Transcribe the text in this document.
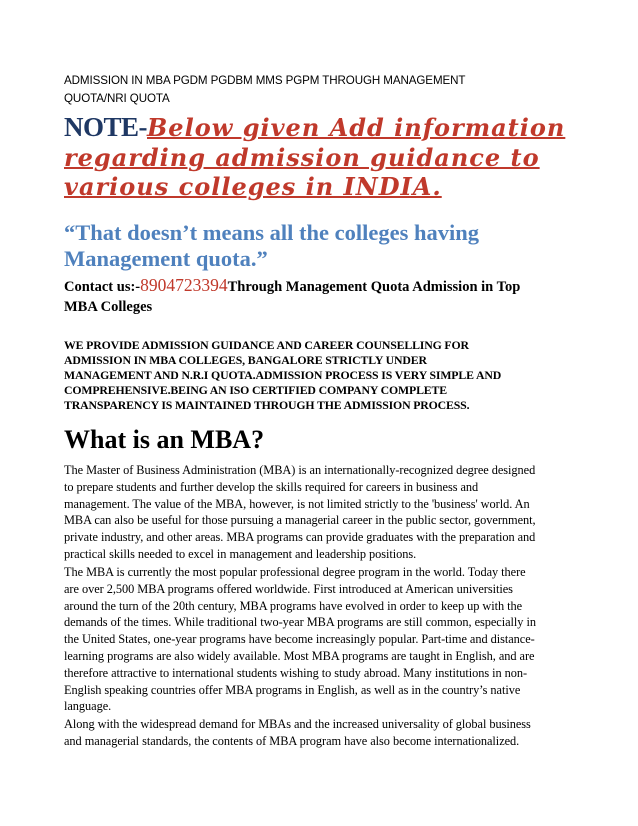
ADMISSION IN MBA PGDM PGDBM MMS PGPM THROUGH MANAGEMENT
QUOTA/NRI QUOTA
NOTE-Below given Add information
regarding admission guidance to
various colleges in INDIA.
“That doesn’t means all the colleges having
Management quota.”
Contact us:-8904723394Through Management Quota Admission in Top
MBA Colleges
WE PROVIDE ADMISSION GUIDANCE AND CAREER COUNSELLING FOR
ADMISSION IN MBA COLLEGES, BANGALORE STRICTLY UNDER
MANAGEMENT AND N.R.I QUOTA.ADMISSION PROCESS IS VERY SIMPLE AND
COMPREHENSIVE.BEING AN ISO CERTIFIED COMPANY COMPLETE
TRANSPARENCY IS MAINTAINED THROUGH THE ADMISSION PROCESS.
What is an MBA?
The Master of Business Administration (MBA) is an internationally-recognized degree designed
to prepare students and further develop the skills required for careers in business and
management. The value of the MBA, however, is not limited strictly to the 'business' world. An
MBA can also be useful for those pursuing a managerial career in the public sector, government,
private industry, and other areas. MBA programs can provide graduates with the preparation and
practical skills needed to excel in management and leadership positions.
The MBA is currently the most popular professional degree program in the world. Today there
are over 2,500 MBA programs offered worldwide. First introduced at American universities
around the turn of the 20th century, MBA programs have evolved in order to keep up with the
demands of the times. While traditional two-year MBA programs are still common, especially in
the United States, one-year programs have become increasingly popular. Part-time and distance-
learning programs are also widely available. Most MBA programs are taught in English, and are
therefore attractive to international students wishing to study abroad. Many institutions in non-
English speaking countries offer MBA programs in English, as well as in the country’s native
language.
Along with the widespread demand for MBAs and the increased universality of global business
and managerial standards, the contents of MBA program have also become internationalized.
